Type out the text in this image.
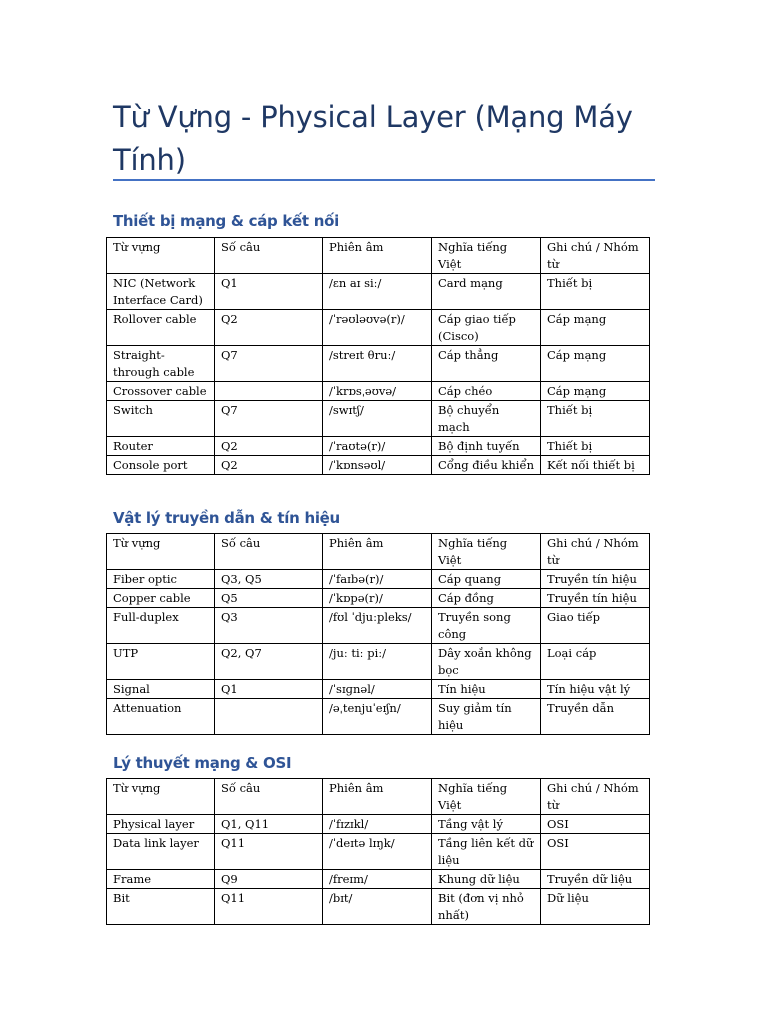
Từ Vựng - Physical Layer (Mạng Máy Tính)
Thiết bị mạng & cáp kết nối
Từ vựng	Số câu	Phiên âm	Nghĩa tiếng Việt	Ghi chú / Nhóm từ
NIC (Network Interface Card)	Q1	/ɛn aɪ siː/	Card mạng	Thiết bị
Rollover cable	Q2	/ˈrəʊləʊvə(r)/	Cáp giao tiếp (Cisco)	Cáp mạng
Straight-through cable	Q7	/streɪt θruː/	Cáp thẳng	Cáp mạng
Crossover cable		/ˈkrɒsˌəʊvə/	Cáp chéo	Cáp mạng
Switch	Q7	/swɪtʃ/	Bộ chuyển mạch	Thiết bị
Router	Q2	/ˈraʊtə(r)/	Bộ định tuyến	Thiết bị
Console port	Q2	/ˈkɒnsəʊl/	Cổng điều khiển	Kết nối thiết bị
Vật lý truyền dẫn & tín hiệu
Từ vựng	Số câu	Phiên âm	Nghĩa tiếng Việt	Ghi chú / Nhóm từ
Fiber optic	Q3, Q5	/ˈfaɪbə(r)/	Cáp quang	Truyền tín hiệu
Copper cable	Q5	/ˈkɒpə(r)/	Cáp đồng	Truyền tín hiệu
Full-duplex	Q3	/fʊl ˈdjuːpleks/	Truyền song công	Giao tiếp
UTP	Q2, Q7	/juː tiː piː/	Dây xoắn không bọc	Loại cáp
Signal	Q1	/ˈsɪɡnəl/	Tín hiệu	Tín hiệu vật lý
Attenuation		/əˌtenjuˈeɪʃn/	Suy giảm tín hiệu	Truyền dẫn
Lý thuyết mạng & OSI
Từ vựng	Số câu	Phiên âm	Nghĩa tiếng Việt	Ghi chú / Nhóm từ
Physical layer	Q1, Q11	/ˈfɪzɪkl/	Tầng vật lý	OSI
Data link layer	Q11	/ˈdeɪtə lɪŋk/	Tầng liên kết dữ liệu	OSI
Frame	Q9	/freɪm/	Khung dữ liệu	Truyền dữ liệu
Bit	Q11	/bɪt/	Bit (đơn vị nhỏ nhất)	Dữ liệu
